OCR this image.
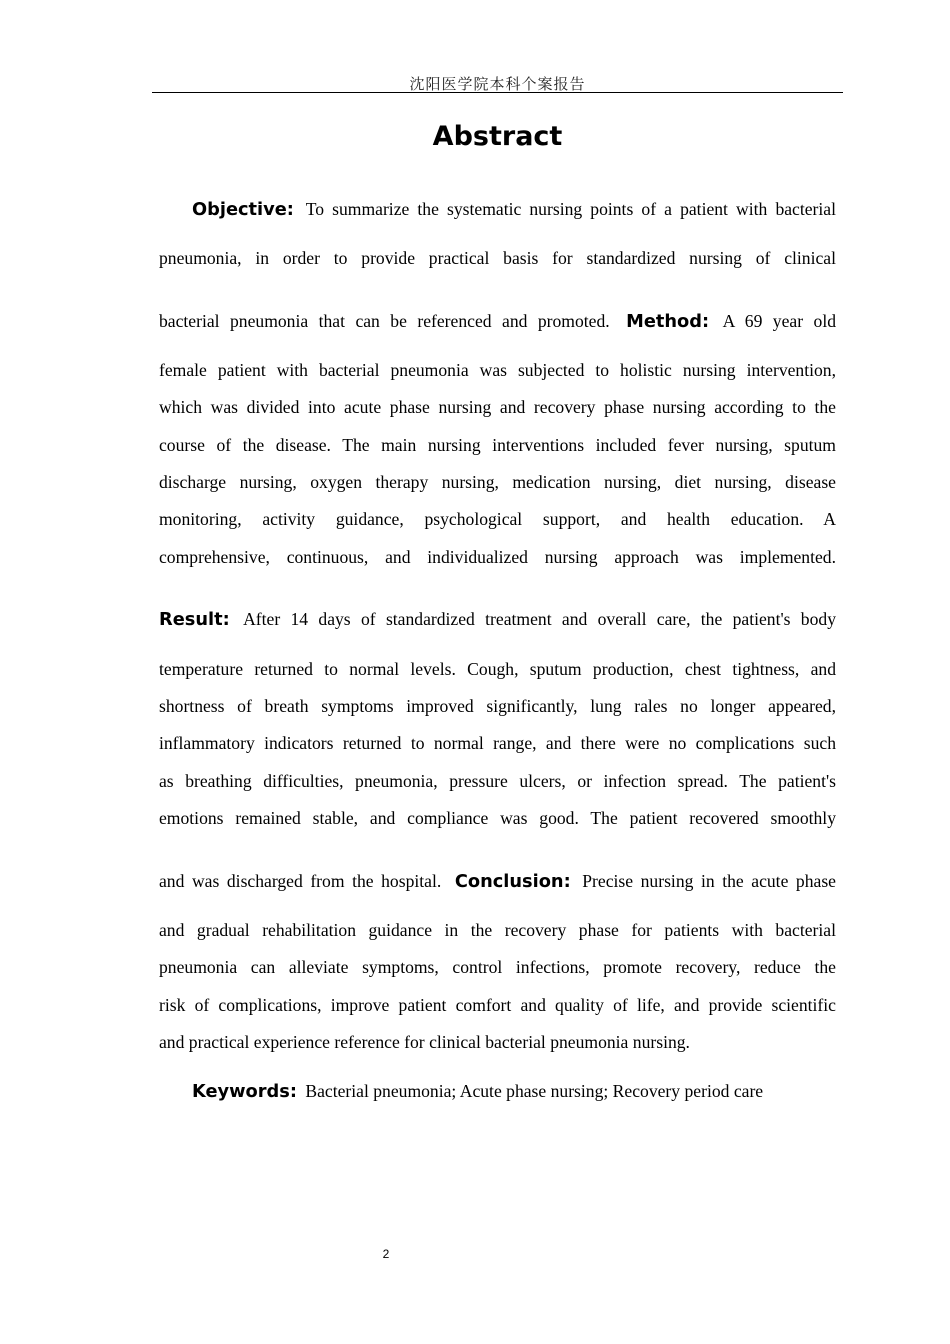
沈阳医学院本科个案报告
Abstract
Objective: To summarize the systematic nursing points of a patient with bacterial
pneumonia, in order to provide practical basis for standardized nursing of clinical
bacterial pneumonia that can be referenced and promoted. Method: A 69 year old
female patient with bacterial pneumonia was subjected to holistic nursing intervention,
which was divided into acute phase nursing and recovery phase nursing according to the
course of the disease. The main nursing interventions included fever nursing, sputum
discharge nursing, oxygen therapy nursing, medication nursing, diet nursing, disease
monitoring, activity guidance, psychological support, and health education. A
comprehensive, continuous, and individualized nursing approach was implemented.
Result: After 14 days of standardized treatment and overall care, the patient's body
temperature returned to normal levels. Cough, sputum production, chest tightness, and
shortness of breath symptoms improved significantly, lung rales no longer appeared,
inflammatory indicators returned to normal range, and there were no complications such
as breathing difficulties, pneumonia, pressure ulcers, or infection spread. The patient's
emotions remained stable, and compliance was good. The patient recovered smoothly
and was discharged from the hospital. Conclusion: Precise nursing in the acute phase
and gradual rehabilitation guidance in the recovery phase for patients with bacterial
pneumonia can alleviate symptoms, control infections, promote recovery, reduce the
risk of complications, improve patient comfort and quality of life, and provide scientific
and practical experience reference for clinical bacterial pneumonia nursing.
Keywords: Bacterial pneumonia; Acute phase nursing; Recovery period care
2
